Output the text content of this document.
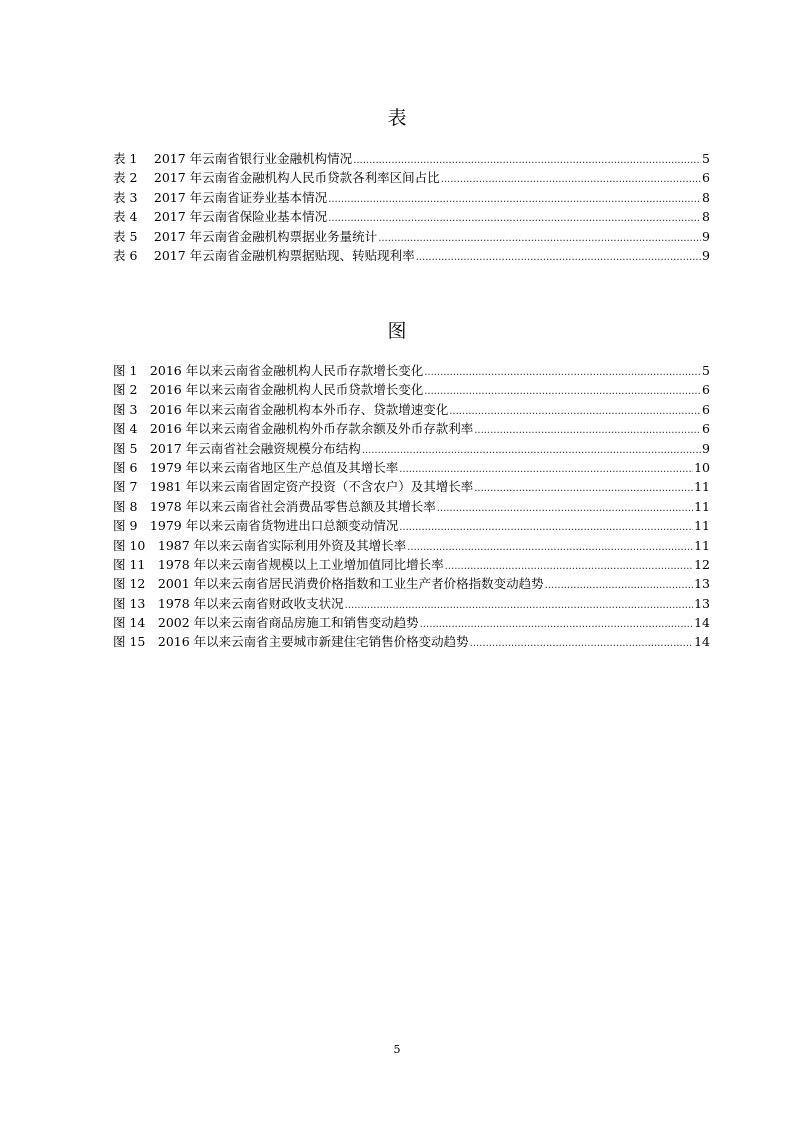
表
表 1　 2017 年云南省银行业金融机构情况 .....	5
表 2　 2017 年云南省金融机构人民币贷款各利率区间占比 .....	6
表 3　 2017 年云南省证券业基本情况 .....	8
表 4　 2017 年云南省保险业基本情况 .....	8
表 5　 2017 年云南省金融机构票据业务量统计 .....	9
表 6　 2017 年云南省金融机构票据贴现、转贴现利率 .....	9
图
图 1　2016 年以来云南省金融机构人民币存款增长变化 .....	5
图 2　2016 年以来云南省金融机构人民币贷款增长变化 .....	6
图 3　2016 年以来云南省金融机构本外币存、贷款增速变化 .....	6
图 4　2016 年以来云南省金融机构外币存款余额及外币存款利率 .....	6
图 5　2017 年云南省社会融资规模分布结构 .....	9
图 6　1979 年以来云南省地区生产总值及其增长率 .....	10
图 7　1981 年以来云南省固定资产投资（不含农户）及其增长率 .....	11
图 8　1978 年以来云南省社会消费品零售总额及其增长率 .....	11
图 9　1979 年以来云南省货物进出口总额变动情况 .....	11
图 10　1987 年以来云南省实际利用外资及其增长率 .....	11
图 11　1978 年以来云南省规模以上工业增加值同比增长率 .....	12
图 12　2001 年以来云南省居民消费价格指数和工业生产者价格指数变动趋势 .....	13
图 13　1978 年以来云南省财政收支状况 .....	13
图 14　2002 年以来云南省商品房施工和销售变动趋势 .....	14
图 15　2016 年以来云南省主要城市新建住宅销售价格变动趋势 .....	14
5
